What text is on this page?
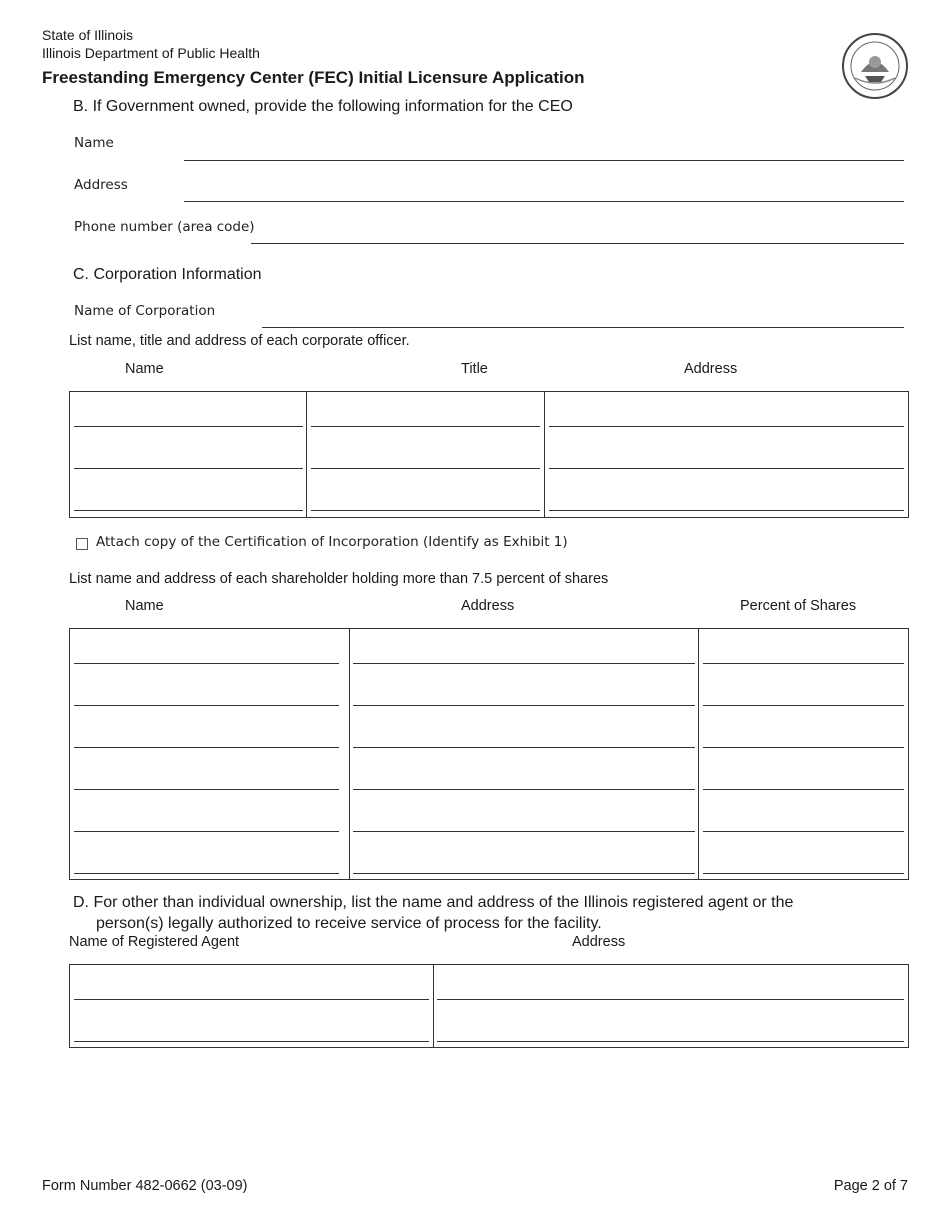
State of Illinois
Illinois Department of Public Health
Freestanding Emergency Center (FEC) Initial Licensure Application
B. If Government owned, provide the following information for the CEO
Name
Address
Phone number (area code)
C. Corporation Information
Name of Corporation
List name, title and address of each corporate officer.
Name	Title	Address
Attach copy of the Certification of Incorporation (Identify as Exhibit 1)
List name and address of each shareholder holding more than 7.5 percent of shares
Name	Address	Percent of Shares
D. For other than individual ownership, list the name and address of the Illinois registered agent or the
person(s) legally authorized to receive service of process for the facility.
Name of Registered Agent	Address
Form Number 482-0662 (03-09)	Page 2 of 7
